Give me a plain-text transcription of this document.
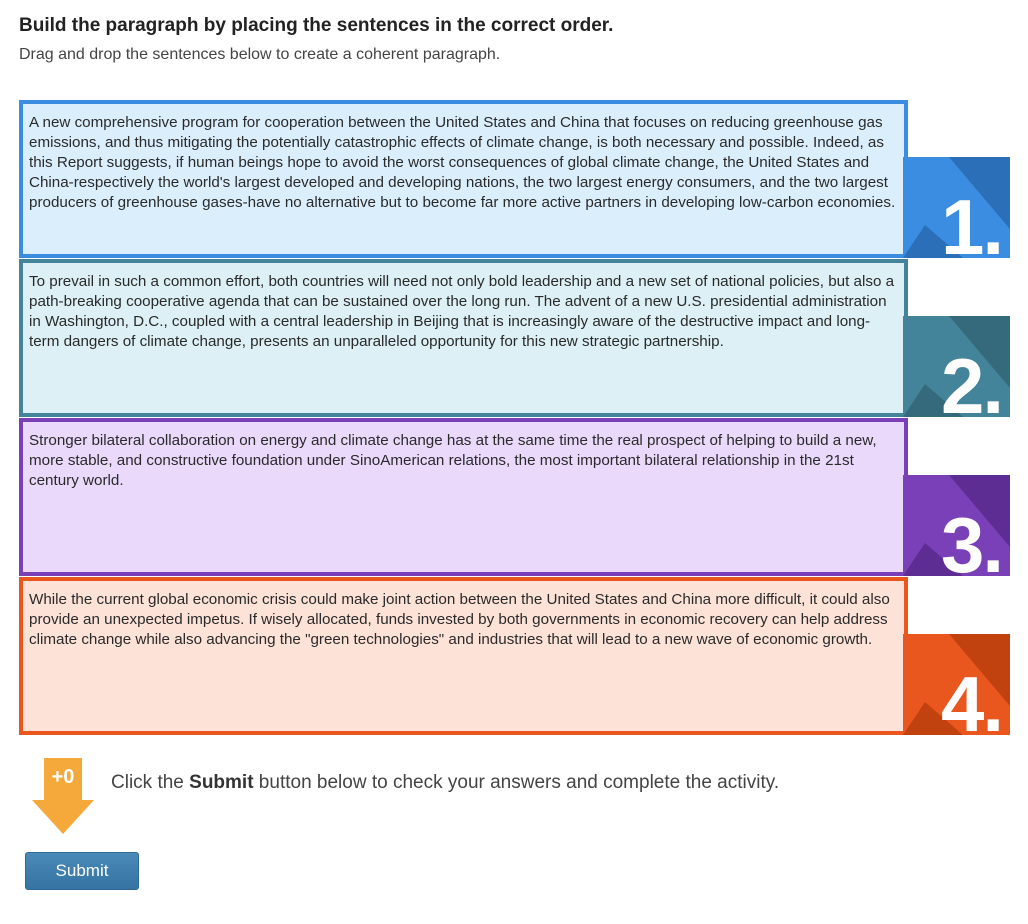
Build the paragraph by placing the sentences in the correct order.

Drag and drop the sentences below to create a coherent paragraph.

A new comprehensive program for cooperation between the United States and China that focuses on reducing greenhouse gas emissions, and thus mitigating the potentially catastrophic effects of climate change, is both necessary and possible. Indeed, as this Report suggests, if human beings hope to avoid the worst consequences of global climate change, the United States and China-respectively the world's largest developed and developing nations, the two largest energy consumers, and the two largest producers of greenhouse gases-have no alternative but to become far more active partners in developing low-carbon economies. 1.
To prevail in such a common effort, both countries will need not only bold leadership and a new set of national policies, but also a path-breaking cooperative agenda that can be sustained over the long run. The advent of a new U.S. presidential administration in Washington, D.C., coupled with a central leadership in Beijing that is increasingly aware of the destructive impact and long-term dangers of climate change, presents an unparalleled opportunity for this new strategic partnership.
2.
Stronger bilateral collaboration on energy and climate change has at the same time the real prospect of helping to build a new, more stable, and constructive foundation under SinoAmerican relations, the most important bilateral relationship in the 21st century world.
3.
While the current global economic crisis could make joint action between the United States and China more difficult, it could also provide an unexpected impetus. If wisely allocated, funds invested by both governments in economic recovery can help address climate change while also advancing the "green technologies" and industries that will lead to a new wave of economic growth.
4.
+0	Click the Submit button below to check your answers and complete the activity.

Submit
